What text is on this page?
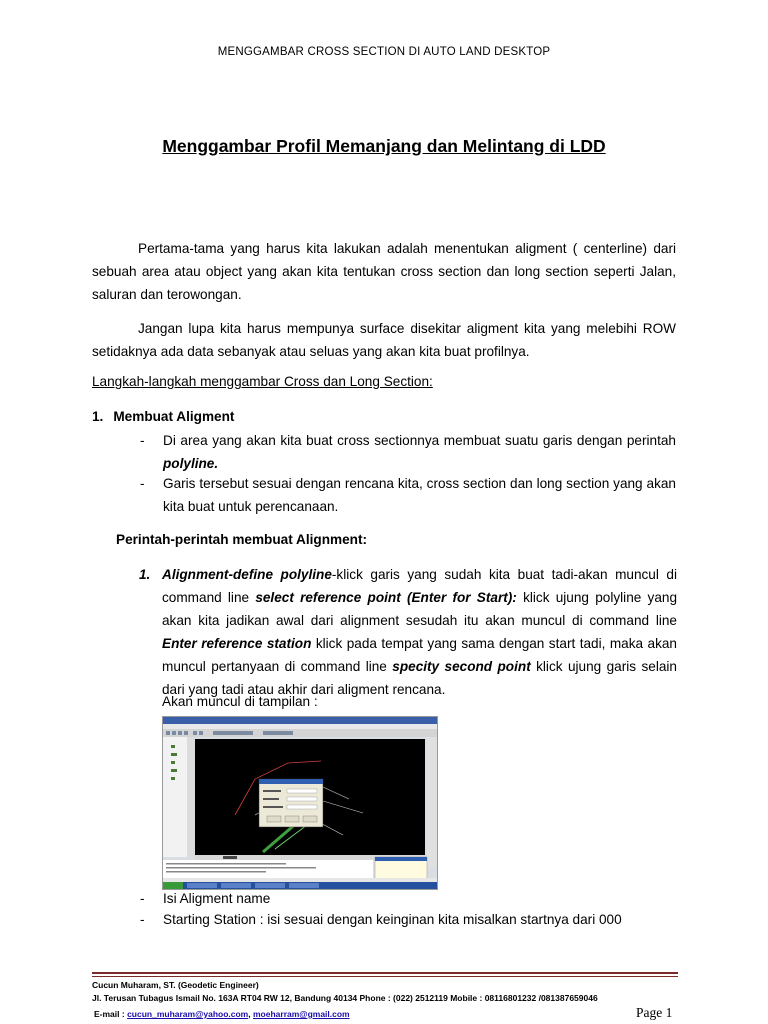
MENGGAMBAR CROSS SECTION DI AUTO LAND DESKTOP
Menggambar Profil Memanjang dan Melintang di LDD
Pertama-tama yang harus kita lakukan adalah menentukan aligment ( centerline) dari sebuah area atau object yang akan kita tentukan cross section dan long section seperti Jalan, saluran dan terowongan.
Jangan lupa kita harus mempunya surface disekitar aligment kita yang melebihi ROW setidaknya ada data sebanyak atau seluas yang akan kita buat profilnya.
Langkah-langkah menggambar Cross dan Long Section:
1. Membuat Aligment
- Di area yang akan kita buat cross sectionnya membuat suatu garis dengan perintah polyline.
- Garis tersebut sesuai dengan rencana kita, cross section dan long section yang akan kita buat untuk perencanaan.
Perintah-perintah membuat Alignment:
1. Alignment-define polyline-klick garis yang sudah kita buat tadi-akan muncul di command line select reference point (Enter for Start): klick ujung polyline yang akan kita jadikan awal dari alignment sesudah itu akan muncul di command line Enter reference station klick pada tempat yang sama dengan start tadi, maka akan muncul pertanyaan di command line specity second point klick ujung garis selain dari yang tadi atau akhir dari aligment rencana.
Akan muncul di tampilan :
- Isi Aligment name
- Starting Station : isi sesuai dengan keinginan kita misalkan startnya dari 000
Cucun Muharam, ST. (Geodetic Engineer)
Jl. Terusan Tubagus Ismail No. 163A RT04 RW 12, Bandung 40134 Phone : (022) 2512119 Mobile : 08116801232 /081387659046
E-mail : cucun_muharam@yahoo.com, moeharram@gmail.com	Page 1
